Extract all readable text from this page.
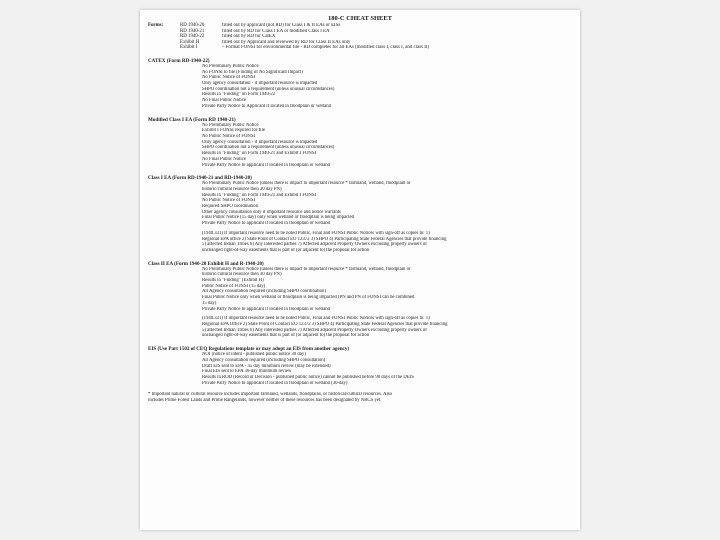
180-C CHEAT SHEET
Forms:	RD 1940-20	filled out by applicant (not RD) for Class I & II EAs or EISs
RD 1940-21	filled out by RD for Class I EA or modified Class I EA
RD 1940-22	filled out by RD for CatEX
Exhibit H	filled out by Applicant and reviewed by RD for Class II EAs only
Exhibit I	– Format FONSI for environmental file - RD completes for all EAs (modified class I, class I, and class II)
CATEX (Form RD-1940-22)
No Preliminary Public Notice
No FONSI to file (Finding of No Significant Impact)
No Public Notice of FONSI
Only agency consultation - if important resource is impacted
SHPO coordination not a requirement (unless unusual circumstances)
Results in "Finding" on Form 1940-22
No Final Public Notice
Private Party Notice to Applicant if located in floodplain or wetland
Modified Class I EA (Form RD 1940-21)
No Preliminary Public Notice
Exhibit I FONSI required for file
No Public Notice of FONSI
Only agency consultation - if important resource is impacted
SHPO coordination not a requirement (unless unusual circumstances)
Results in "Finding" on Form 1940-21 and Exhibit I FONSI
No Final Public Notice
Private Party Notice to applicant if located in floodplain or wetland
Class I EA (Form RD-1940-21 and RD-1940-20)
No Preliminary Public Notice (unless there is impact to important resource * farmland, wetland, floodplain or
historic/cultural resource then 30 day PN)
Results in "Finding" on Form 1940-21 and Exhibit I FONSI
No Public Notice of FONSI
Required SHPO coordination
Other agency consultation only if important resource and notice warrants
Final Public Notice (15 day) only when wetland or floodplain is being impacted
Private Party Notice to applicant if located in floodplain or wetland
(1940.331) If important resource need to be noted Public, Final and FONSI Public Notices with sign-off as copies to: 1)
Regional EPA office 2) State Point of Contact EO 12372 3) SHPO 4) Participating State Federal Agencies that provide financing
5) affected Indian Tribes 6) Any interested parties 7) Affected adjacent Property Owners excluding property owners of
unchanged right-of-way easements that is part of (or adjacent to) the proposal for action
Class II EA (Form 1940-20 Exhibit H and R-1940-20)
No Preliminary Public Notice (unless there is impact to important resource * farmland, wetland, floodplain or
historic/cultural resource then 30 day PN)
Results in "Finding" (Exhibit H)
Public Notice of FONSI (15 day)
All Agency consultation required (including SHPO coordination)
Final Public Notice only when wetland or floodplain is being impacted (PN and PN of FONSI can be combined
15 day)
Private Party Notice to applicant if located in floodplain or wetland
(1940.331) If important resource need to be noted Public, Final and FONSI Public Notices with sign-off as copies to: 1)
Regional EPA Office 2) State Point of Contact EO 12372 3) SHPO 4) Participating State Federal Agencies that provide financing
5) affected Indian Tribes 6) Any interested parties 7) Affected adjacent Property Owners excluding property owners of
unchanged right-of-way easements that is part of (or adjacent to) the proposal for action
EIS (Use Part 1502 of CEQ Regulations template or may adopt an EIS from another agency)
NOI (notice of intent - published public notice 30 day)
All Agency consultation required (including SHPO consultation)
Draft EIS sent to EPA - 45 day minimum review (may be extended)
Final EIS sent to EPA 30-day minimum review
Results in ROD (Record of Decision - published public notice) cannot be published before 90 days of the DEIS
Private Party Notice to applicant if located in floodplain or wetland (30-day)
* Important natural or cultural resource includes important farmland, wetlands, floodplains, or historical/cultural resources. Also
includes Prime Forest Lands and Prime Rangelands, however neither of these resources has been designated by NRCS yet.
